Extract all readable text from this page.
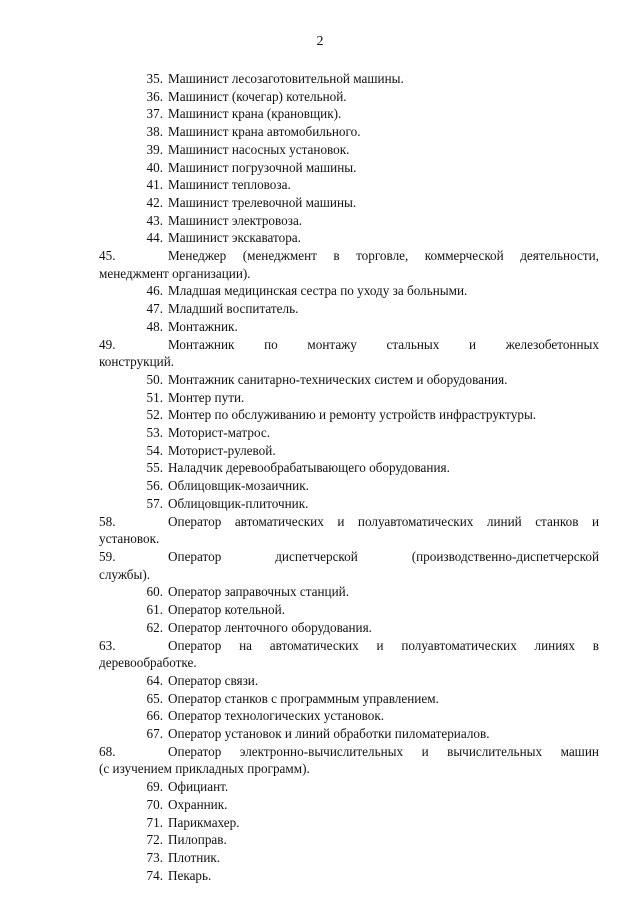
2
35. Машинист лесозаготовительной машины.
36. Машинист (кочегар) котельной.
37. Машинист крана (крановщик).
38. Машинист крана автомобильного.
39. Машинист насосных установок.
40. Машинист погрузочной машины.
41. Машинист тепловоза.
42. Машинист трелевочной машины.
43. Машинист электровоза.
44. Машинист экскаватора.
45.	Менеджер (менеджмент в торговле, коммерческой деятельности,
менеджмент организации).
46. Младшая медицинская сестра по уходу за больными.
47. Младший воспитатель.
48. Монтажник.
49.	Монтажник по монтажу стальных и железобетонных
конструкций.
50. Монтажник санитарно-технических систем и оборудования.
51. Монтер пути.
52. Монтер по обслуживанию и ремонту устройств инфраструктуры.
53. Моторист-матрос.
54. Моторист-рулевой.
55. Наладчик деревообрабатывающего оборудования.
56. Облицовщик-мозаичник.
57. Облицовщик-плиточник.
58.	Оператор автоматических и полуавтоматических линий станков и
установок.
59.	Оператор	диспетчерской	(производственно-диспетчерской
службы).
60. Оператор заправочных станций.
61. Оператор котельной.
62. Оператор ленточного оборудования.
63.	Оператор на автоматических и полуавтоматических линиях в
деревообработке.
64. Оператор связи.
65. Оператор станков с программным управлением.
66. Оператор технологических установок.
67. Оператор установок и линий обработки пиломатериалов.
68.	Оператор электронно-вычислительных и вычислительных машин
(с изучением прикладных программ).
69. Официант.
70. Охранник.
71. Парикмахер.
72. Пилоправ.
73. Плотник.
74. Пекарь.
